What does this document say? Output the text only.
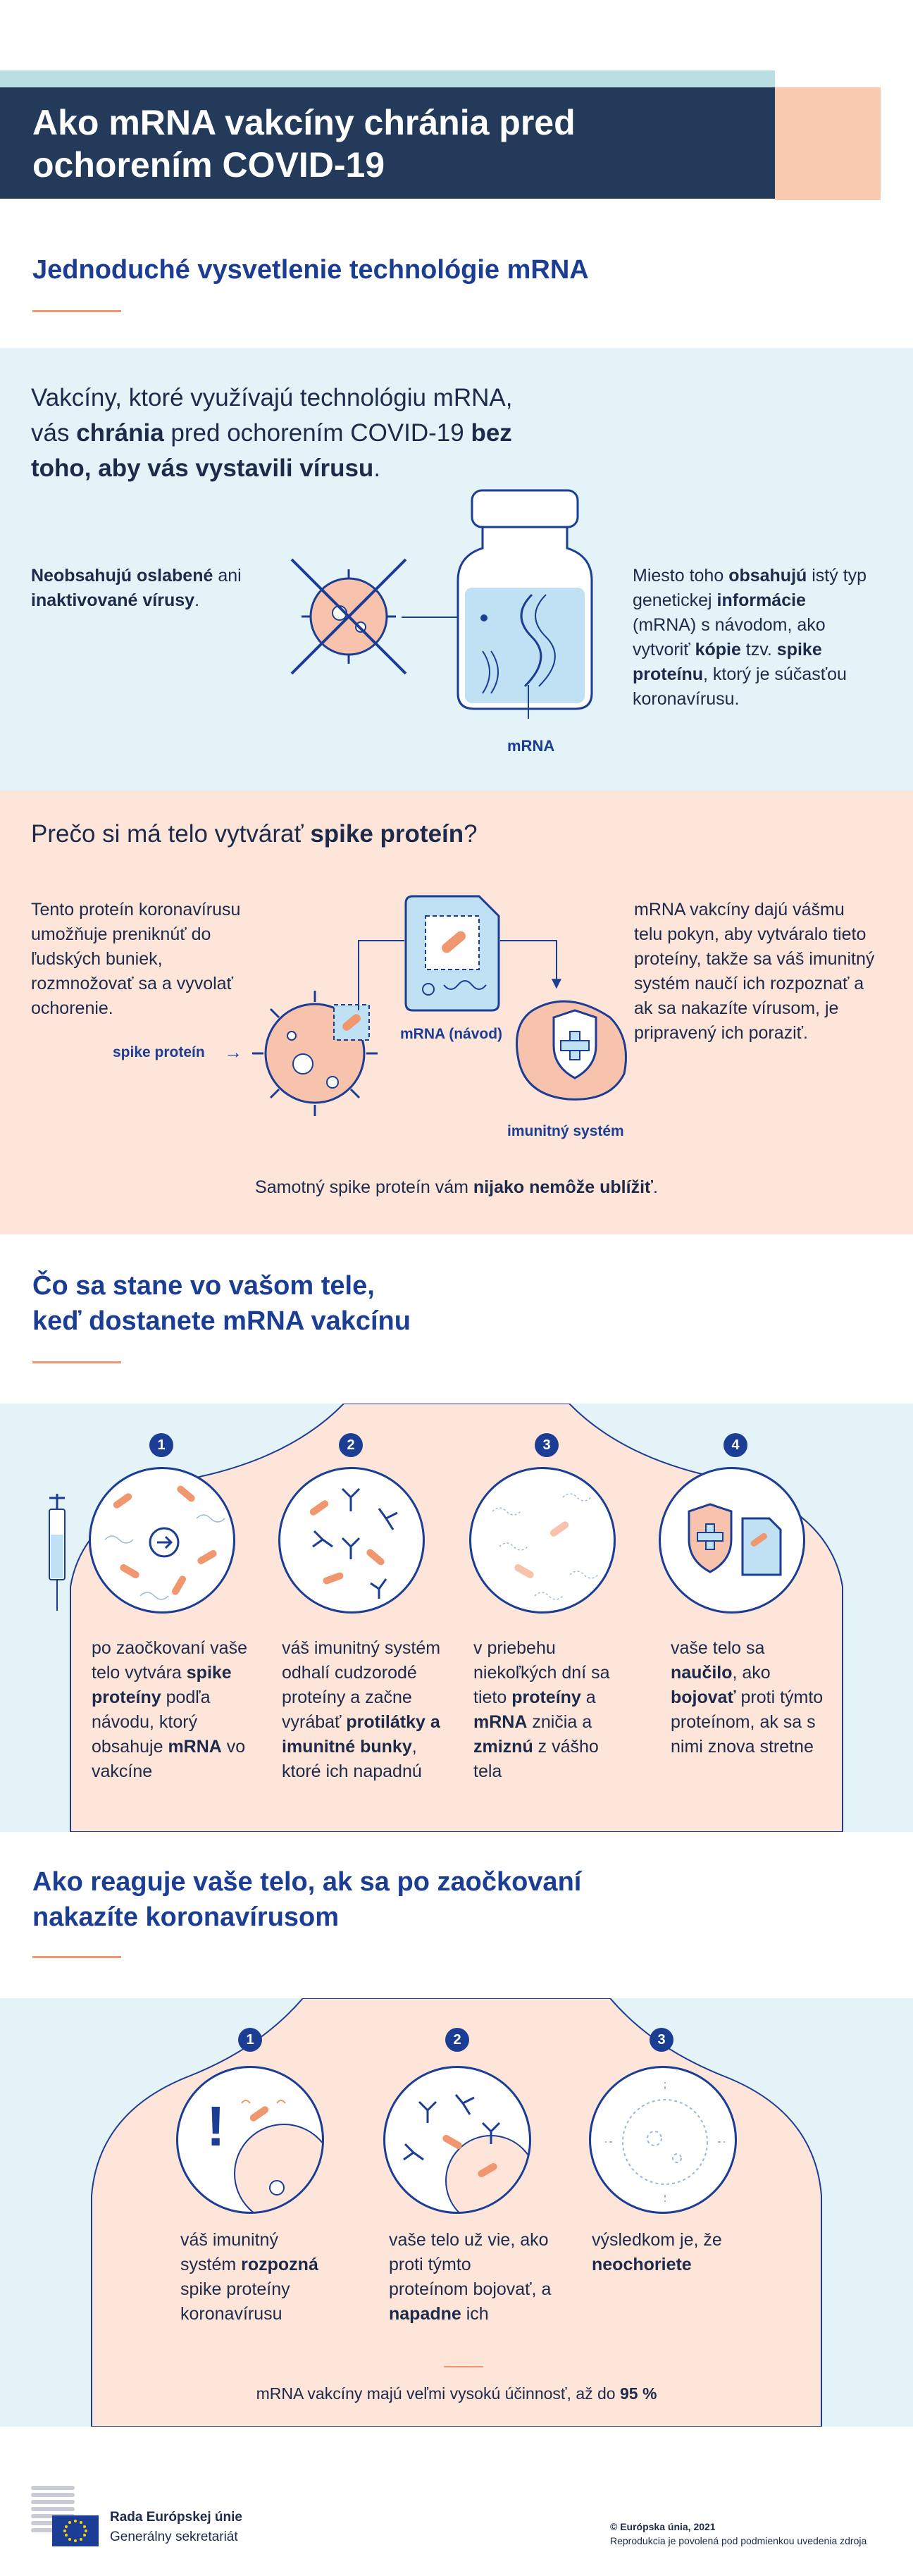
Ako mRNA vakcíny chránia pred
ochorením COVID-19
Jednoduché vysvetlenie technológie mRNA
Vakcíny, ktoré využívajú technológiu mRNA,
vás chránia pred ochorením COVID-19 bez
toho, aby vás vystavili vírusu.
Neobsahujú oslabené ani
inaktivované vírusy.
mRNA
Miesto toho obsahujú istý typ genetickej informácie (mRNA) s návodom, ako vytvoriť kópie tzv. spike proteínu, ktorý je súčasťou koronavírusu.
Prečo si má telo vytvárať spike proteín?
Tento proteín koronavírusu umožňuje preniknúť do ľudských buniek, rozmnožovať sa a vyvolať ochorenie.
mRNA vakcíny dajú vášmu telu pokyn, aby vytváralo tieto proteíny, takže sa váš imunitný systém naučí ich rozpoznať a ak sa nakazíte vírusom, je pripravený ich poraziť.
spike proteín →
mRNA (návod)
▼
imunitný systém
Samotný spike proteín vám nijako nemôže ublížiť.
Čo sa stane vo vašom tele,
keď dostanete mRNA vakcínu
1	2	3	4
po zaočkovaní vaše telo vytvára spike proteíny podľa návodu, ktorý obsahuje mRNA vo vakcíne
váš imunitný systém odhalí cudzorodé proteíny a začne vyrábať protilátky a imunitné bunky, ktoré ich napadnú
v priebehu niekoľkých dní sa tieto proteíny a mRNA zničia a zmiznú z vášho tela
vaše telo sa naučilo, ako bojovať proti týmto proteínom, ak sa s nimi znova stretne
Ako reaguje vaše telo, ak sa po zaočkovaní
nakazíte koronavírusom
1	2	3
!
váš imunitný systém rozpozná spike proteíny koronavírusu
vaše telo už vie, ako proti týmto proteínom bojovať, a napadne ich
výsledkom je, že neochoriete
mRNA vakcíny majú veľmi vysokú účinnosť, až do 95 %
Rada Európskej únie
Generálny sekretariát
© Európska únia, 2021
Reprodukcia je povolená pod podmienkou uvedenia zdroja
